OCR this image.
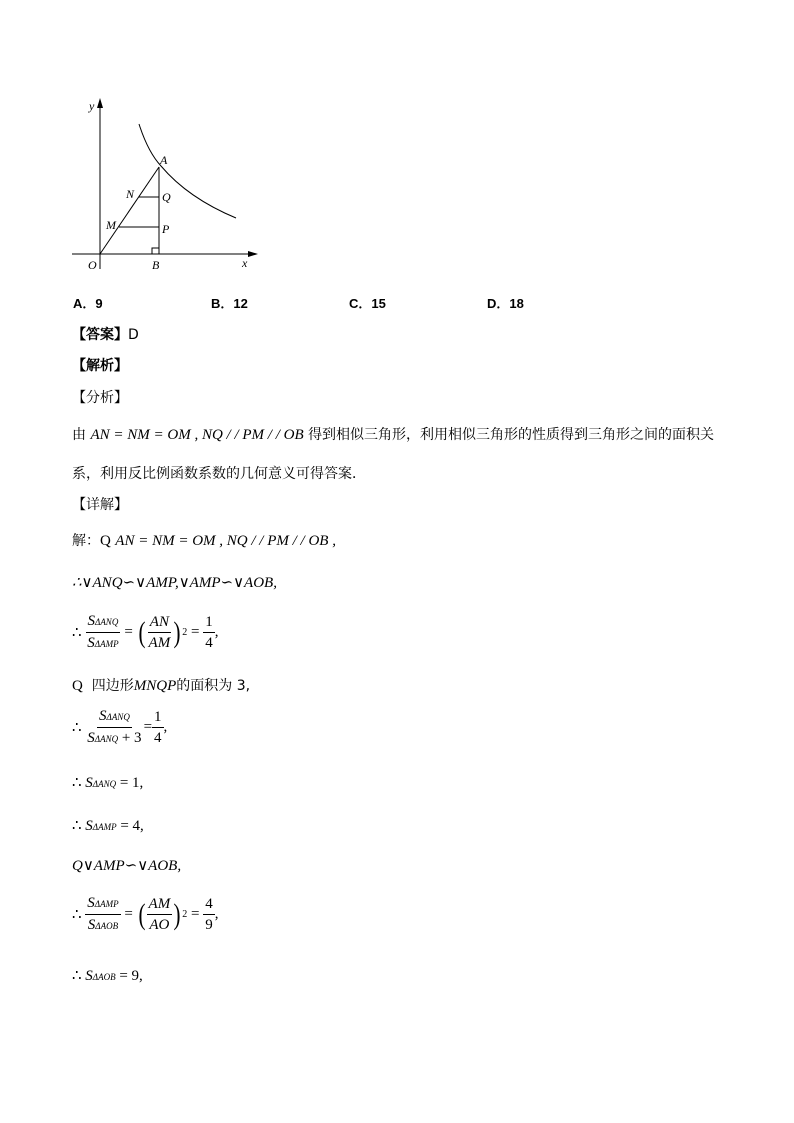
y
x
O
A
N Q
M	P
B
A．9	B．12	C．15	D．18
【答案】D
【解析】
【分析】
由 AN = NM = OM , NQ / / PM / / OB 得到相似三角形，利用相似三角形的性质得到三角形之间的面积关
系，利用反比例函数系数的几何意义可得答案．
【详解】
解：Q AN = NM = OM , NQ / / PM / / OB ,
∴∨ANQ∽∨AMP,∨AMP∽∨AOB,
∴
$\frac{\text{SΔANQ}}{\text{SΔAMP}}$
=
( $\frac{AN}{AM}$ ) 2
=
$\frac{1}{4}$ ,
Q 四边形MNQP的面积为 3,
∴
$\frac{\text{SΔANQ}}{\text{SΔANQ + 3}} = \frac{1}{4}$ ,
∴ SΔANQ = 1,
∴ SΔAMP = 4,
Q∨AMP∽∨AOB,
∴
$\frac{\text{SΔAMP}}{\text{SΔAOB}}$
=
( $\frac{AM}{AO}$ ) 2
=
$\frac{4}{9}$ ,
∴ SΔAOB = 9,
